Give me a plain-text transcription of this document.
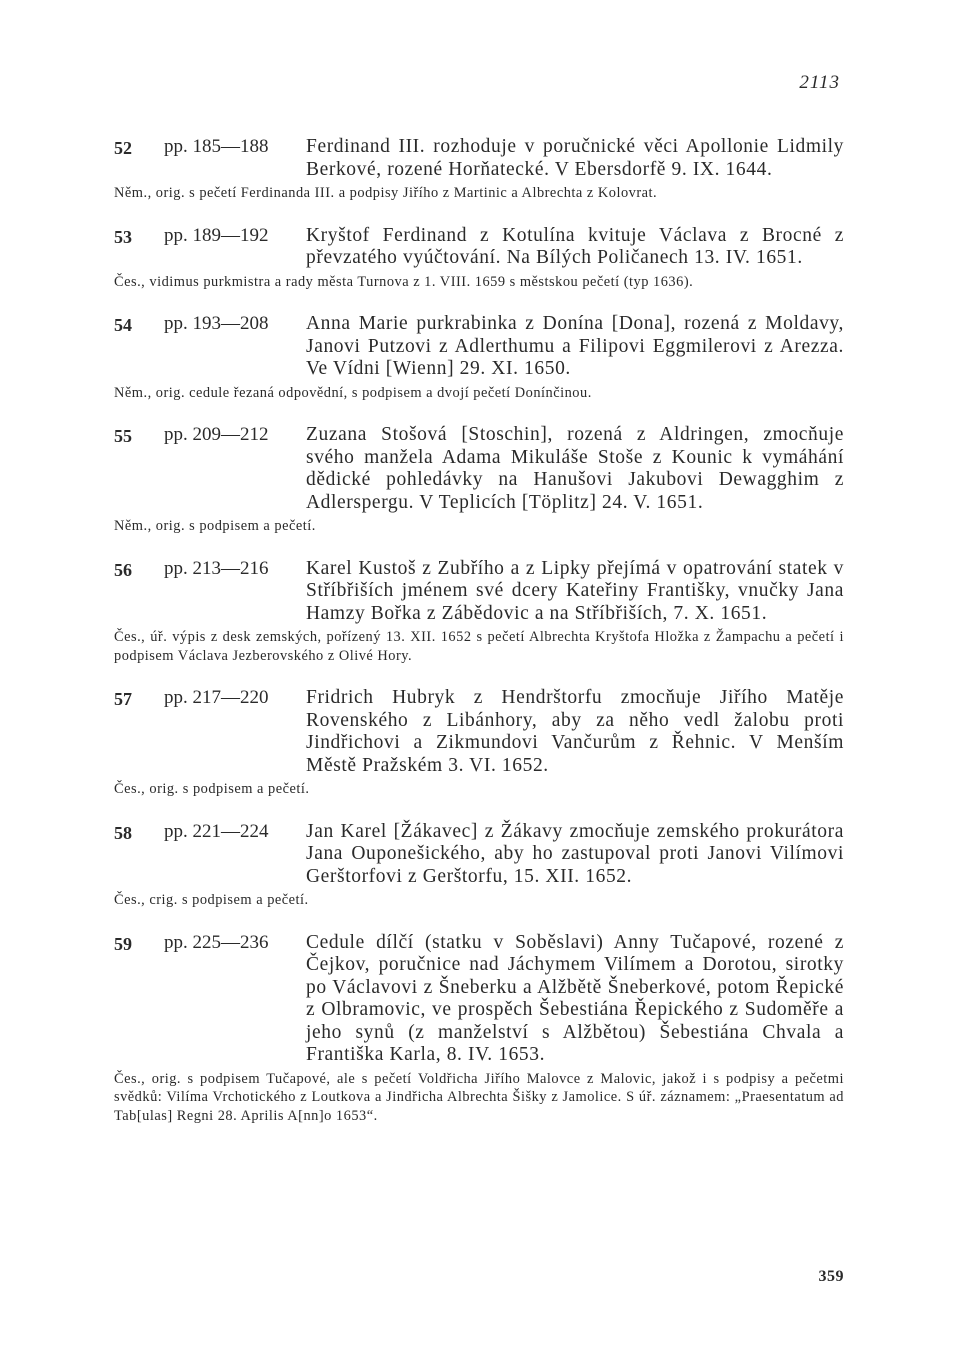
2113
52	pp. 185—188	Ferdinand III. rozhoduje v poručnické věci Apollonie Lidmily Berkové, rozené Horňatecké. V Ebersdorfě 9. IX. 1644.
Něm., orig. s pečetí Ferdinanda III. a podpisy Jiřího z Martinic a Albrechta z Kolovrat.
53	pp. 189—192	Kryštof Ferdinand z Kotulína kvituje Václava z Brocné z převzatého vyúčtování. Na Bílých Poličanech 13. IV. 1651.
Čes., vidimus purkmistra a rady města Turnova z 1. VIII. 1659 s městskou pečetí (typ 1636).
54	pp. 193—208	Anna Marie purkrabinka z Donína [Dona], rozená z Moldavy, Janovi Putzovi z Adlerthumu a Filipovi Eggmilerovi z Arezza. Ve Vídni [Wienn] 29. XI. 1650.
Něm., orig. cedule řezaná odpovědní, s podpisem a dvojí pečetí Donínčinou.
55	pp. 209—212	Zuzana Stošová [Stoschin], rozená z Aldringen, zmocňuje svého manžela Adama Mikuláše Stoše z Kounic k vymáhání dědické pohledávky na Hanušovi Jakubovi Dewagghim z Adlerspergu. V Teplicích [Töplitz] 24. V. 1651.
Něm., orig. s podpisem a pečetí.
56	pp. 213—216	Karel Kustoš z Zubřího a z Lipky přejímá v opatrování statek v Stříbřiších jménem své dcery Kateřiny Františky, vnučky Jana Hamzy Bořka z Zábědovic a na Stříbřiších, 7. X. 1651.
Čes., úř. výpis z desk zemských, pořízený 13. XII. 1652 s pečetí Albrechta Kryštofa Hložka z Žampachu a pečetí i podpisem Václava Jezberovského z Olivé Hory.
57	pp. 217—220	Fridrich Hubryk z Hendrštorfu zmocňuje Jiřího Matěje Rovenského z Libánhory, aby za něho vedl žalobu proti Jindřichovi a Zikmundovi Vančurům z Řehnic. V Menším Městě Pražském 3. VI. 1652.
Čes., orig. s podpisem a pečetí.
58	pp. 221—224	Jan Karel [Žákavec] z Žákavy zmocňuje zemského prokurátora Jana Ouponešického, aby ho zastupoval proti Janovi Vilímovi Gerštorfovi z Gerštorfu, 15. XII. 1652.
Čes., crig. s podpisem a pečetí.
59	pp. 225—236	Cedule dílčí (statku v Soběslavi) Anny Tučapové, rozené z Čejkov, poručnice nad Jáchymem Vilímem a Dorotou, sirotky po Václavovi z Šneberku a Alžbětě Šneberkové, potom Řepické z Olbramovic, ve prospěch Šebestiána Řepického z Sudoměře a jeho synů (z manželství s Alžbětou) Šebestiána Chvala a Františka Karla, 8. IV. 1653.
Čes., orig. s podpisem Tučapové, ale s pečetí Voldřicha Jiřího Malovce z Malovic, jakož i s podpisy a pečetmi svědků: Vilíma Vrchotického z Loutkova a Jindřicha Albrechta Šišky z Jamolice. S úř. záznamem: „Praesentatum ad Tab[ulas] Regni 28. Aprilis A[nn]o 1653“.
359
